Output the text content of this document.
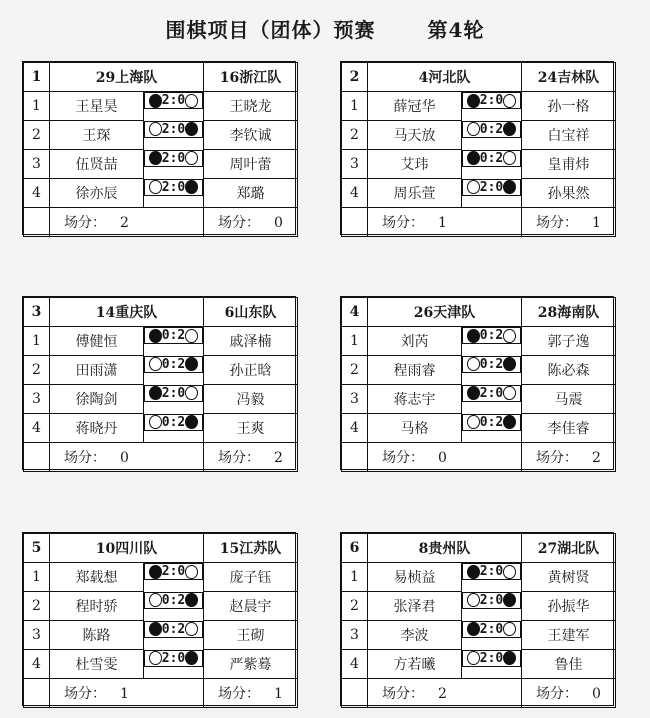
围棋项目（团体）预赛	第4轮
1	29上海队	16浙江队
1	王星昊		2:0	王晓龙
2	王琛		2:0	李钦诚
3	伍贤喆		2:0	周叶蕾
4	徐亦辰		2:0	郑璐
	场分： 2	场分： 0
2	4河北队	24吉林队
1	薛冠华		2:0	孙一格
2	马天放		0:2	白宝祥
3	艾玮		0:2	皇甫炜
4	周乐萱		2:0	孙果然
	场分： 1	场分： 1
3	14重庆队	6山东队
1	傅健恒		0:2	戚泽楠
2	田雨潇		0:2	孙正晗
3	徐陶剑		2:0	冯毅
4	蒋晓丹		0:2	王爽
	场分： 0	场分： 2
4	26天津队	28海南队
1	刘芮		0:2	郭子逸
2	程雨睿		0:2	陈必森
3	蒋志宇		2:0	马震
4	马格		0:2	李佳睿
	场分： 0	场分： 2
5	10四川队	15江苏队
1	郑载想		2:0	庞子钰
2	程时骄		0:2	赵晨宇
3	陈路		0:2	王砌
4	杜雪雯		2:0	严紫蓦
	场分： 1	场分： 1
6	8贵州队	27湖北队
1	易桢益		2:0	黄树贤
2	张泽君		2:0	孙振华
3	李波		2:0	王建军
4	方若曦		2:0	鲁佳
	场分： 2	场分： 0
